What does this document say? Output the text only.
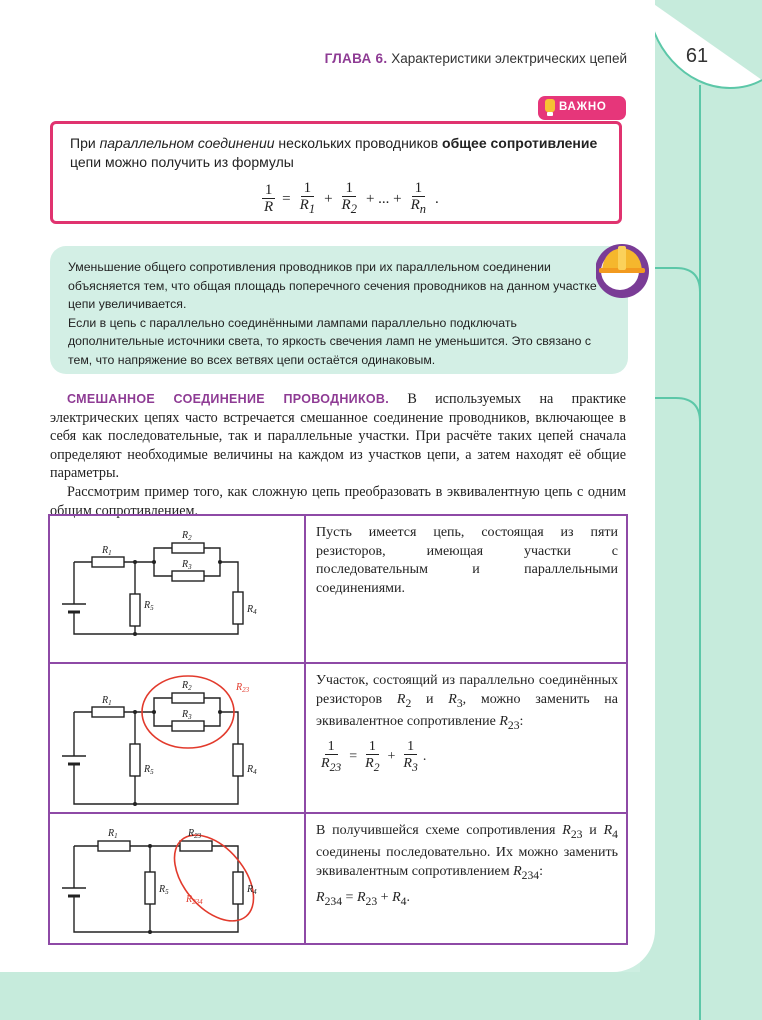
ГЛАВА 6. Характеристики электрических цепей	61
ВАЖНО
При параллельном соединении нескольких проводников общее сопротивление цепи можно получить из формулы
$\frac{1}{R} = \frac{1}{R_1} + \frac{1}{R_2}$ + ... + $\frac{1}{R_n}$ .
Уменьшение общего сопротивления проводников при их параллельном соединении объясняется тем, что общая площадь поперечного сечения проводников на данном участке цепи увеличивается.
Если в цепь с параллельно соединёнными лампами параллельно подключать дополнительные источники света, то яркость свечения ламп не уменьшится. Это связано с тем, что напряжение во всех ветвях цепи остаётся одинаковым.

СМЕШАННОЕ СОЕДИНЕНИЕ ПРОВОДНИКОВ. В используемых на практике электрических цепях часто встречается смешанное соединение проводников, включающее в себя как последовательные, так и параллельные участки. При расчёте таких цепей сначала определяют необходимые величины на каждом из участков цепи, а затем находят её общие параметры.

Рассмотрим пример того, как сложную цепь преобразовать в эквивалентную цепь с одним общим сопротивлением.

$R_1$
$R_2$
$R_3$
$R_5$	$R_4$
Пусть имеется цепь, состоящая из пяти резисторов, имеющая участки с последовательным и параллельными соединениями.
$R_1$
$R_2$
$R_3$
$R_{23}$
$R_5$	$R_4$
Участок, состоящий из параллельно соединённых резисторов $R_2$ и $R_3$, можно заменить на эквивалентное сопротивление $R_{23}$:
$\frac{1}{R_{23}} = \frac{1}{R_2} + \frac{1}{R_3}$ .
$R_1$	$R_{23}$
$R_5$	$R_4$
$R_{234}$
В получившейся схеме сопротивления $R_{23}$ и $R_4$ соединены последовательно. Их можно заменить эквивалентным сопротивлением $R_{234}$:
$R_{234} = R_{23} + R_4$.
